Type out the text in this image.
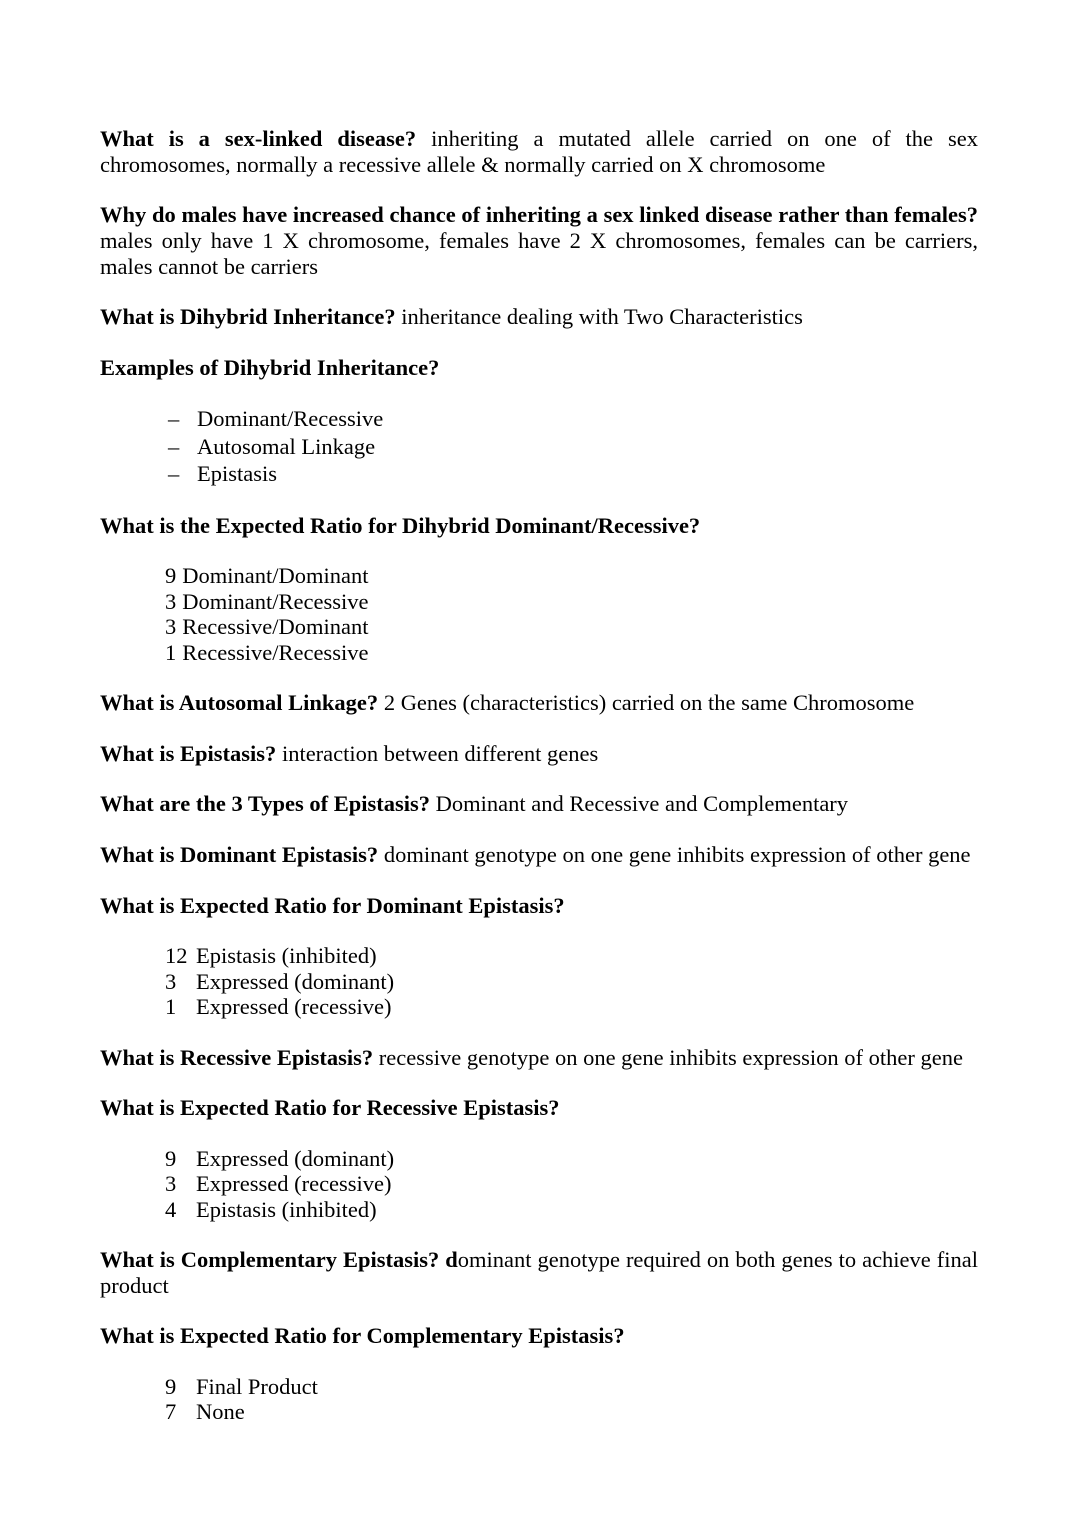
What is a sex-linked disease? inheriting a mutated allele carried on one of the sex chromosomes, normally a recessive allele & normally carried on X chromosome

Why do males have increased chance of inheriting a sex linked disease rather than females? males only have 1 X chromosome, females have 2 X chromosomes, females can be carriers, males cannot be carriers

What is Dihybrid Inheritance? inheritance dealing with Two Characteristics

Examples of Dihybrid Inheritance?

– Dominant/Recessive
– Autosomal Linkage
– Epistasis

What is the Expected Ratio for Dihybrid Dominant/Recessive?

9 Dominant/Dominant
3 Dominant/Recessive
3 Recessive/Dominant
1 Recessive/Recessive

What is Autosomal Linkage? 2 Genes (characteristics) carried on the same Chromosome

What is Epistasis? interaction between different genes

What are the 3 Types of Epistasis? Dominant and Recessive and Complementary

What is Dominant Epistasis? dominant genotype on one gene inhibits expression of other gene

What is Expected Ratio for Dominant Epistasis?

12 Epistasis (inhibited)
3 Expressed (dominant)
1 Expressed (recessive)

What is Recessive Epistasis? recessive genotype on one gene inhibits expression of other gene

What is Expected Ratio for Recessive Epistasis?

9 Expressed (dominant)
3 Expressed (recessive)
4 Epistasis (inhibited)

What is Complementary Epistasis? dominant genotype required on both genes to achieve final product

What is Expected Ratio for Complementary Epistasis?

9 Final Product
7 None
